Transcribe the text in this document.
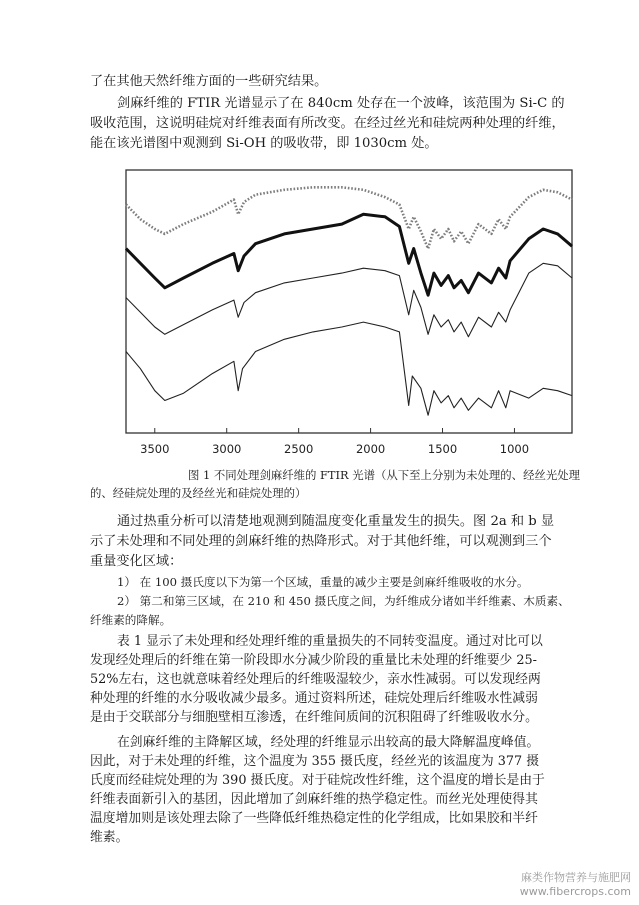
了在其他天然纤维方面的一些研究结果。
剑麻纤维的 FTIR 光谱显示了在 840cm 处存在一个波峰，该范围为 Si-C 的
吸收范围，这说明硅烷对纤维表面有所改变。在经过丝光和硅烷两种处理的纤维，
能在该光谱图中观测到 Si-OH 的吸收带，即 1030cm 处。
3500	3000	2500	2000	1500	1000
图 1 不同处理剑麻纤维的 FTIR 光谱（从下至上分别为未处理的、经丝光处理
的、经硅烷处理的及经丝光和硅烷处理的）
通过热重分析可以清楚地观测到随温度变化重量发生的损失。图 2a 和 b 显
示了未处理和不同处理的剑麻纤维的热降形式。对于其他纤维，可以观测到三个
重量变化区域：
1） 在 100 摄氏度以下为第一个区域，重量的减少主要是剑麻纤维吸收的水分。
2） 第二和第三区域，在 210 和 450 摄氏度之间，为纤维成分诸如半纤维素、木质素、
纤维素的降解。
表 1 显示了未处理和经处理纤维的重量损失的不同转变温度。通过对比可以发现经处理后的纤维在第一阶段即水分减少阶段的重量比未处理的纤维要少 25-52%左右，这也就意味着经处理后的纤维吸湿较少，亲水性减弱。可以发现经两种处理的纤维的水分吸收减少最多。通过资料所述，硅烷处理后纤维吸水性减弱是由于交联部分与细胞壁相互渗透，在纤维间质间的沉积阻碍了纤维吸收水分。
在剑麻纤维的主降解区域，经处理的纤维显示出较高的最大降解温度峰值。因此，对于未处理的纤维，这个温度为 355 摄氏度，经丝光的该温度为 377 摄氏度而经硅烷处理的为 390 摄氏度。对于硅烷改性纤维，这个温度的增长是由于纤维表面新引入的基团，因此增加了剑麻纤维的热学稳定性。而丝光处理使得其温度增加则是该处理去除了一些降低纤维热稳定性的化学组成，比如果胶和半纤维素。
麻类作物营养与施肥网
www.fibercrops.com
